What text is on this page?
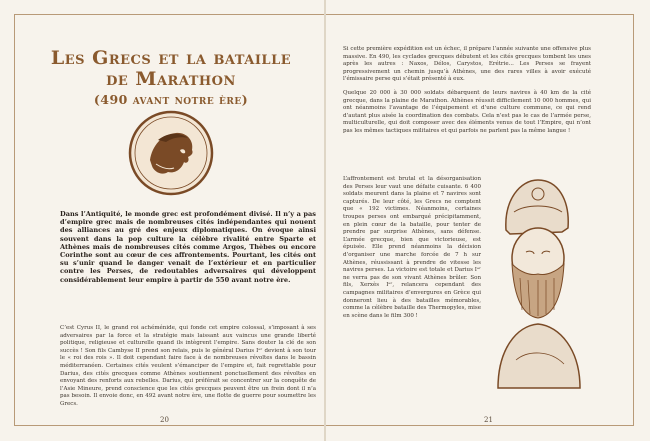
Les Grecs et la bataille de Marathon
(490 avant notre ère)

Dans l’Antiquité, le monde grec est profondément divisé. Il n’y a pas d’empire grec mais de nombreuses cités indépendantes qui nouent des alliances au gré des enjeux diplomatiques. On évoque ainsi souvent dans la pop culture la célèbre rivalité entre Sparte et Athènes mais de nombreuses cités comme Argos, Thèbes ou encore Corinthe sont au cœur de ces affrontements. Pourtant, les cités ont su s’unir quand le danger venait de l’extérieur et en particulier contre les Perses, de redoutables adversaires qui développent considérablement leur empire à partir de 550 avant notre ère.

C’est Cyrus II, le grand roi achéménide, qui fonde cet empire colossal, s’imposant à ses adversaires par la force et la stratégie mais laissant aux vaincus une grande liberté politique, religieuse et culturelle quand ils intègrent l’empire. Sans douter la clé de son succès ! Son fils Cambyse II prend son relais, puis le général Darius Iᵉʳ devient à son tour le « roi des rois ». Il doit cependant faire face à de nombreuses révoltes dans le bassin méditerranéen. Certaines cités veulent s’émanciper de l’empire et, fait regrettable pour Darius, des cités grecques comme Athènes soutiennent ponctuellement des révoltes en envoyant des renforts aux rebelles. Darius, qui préférait se concentrer sur la conquête de l’Asie Mineure, prend conscience que les cités grecques peuvent être un frein dont il n’a pas besoin. Il envoie donc, en 492 avant notre ère, une flotte de guerre pour soumettre les Grecs.

20

Si cette première expédition est un échec, il prépare l’année suivante une offensive plus massive. En 490, les cyclades grecques débutent et les cités grecques tombent les unes après les autres : Naxos, Délos, Carystos, Erétrie... Les Perses se frayent progressivement un chemin jusqu’à Athènes, une des rares villes à avoir exécuté l’émissaire perse qui s’était présenté à eux.

Quelque 20 000 à 30 000 soldats débarquent de leurs navires à 40 km de la cité grecque, dans la plaine de Marathon. Athènes réussit difficilement 10 000 hommes, qui ont néanmoins l’avantage de l’équipement et d’une culture commune, ce qui rend d’autant plus aisée la coordination des combats. Cela n’est pas le cas de l’armée perse, multiculturelle, qui doit composer avec des éléments venus de tout l’Empire, qui n’ont pas les mêmes tactiques militaires et qui parfois ne parlent pas la même langue !

L’affrontement est brutal et la désorganisation des Perses leur vaut une défaite cuisante. 6 400 soldats meurent dans la plaine et 7 navires sont capturés. De leur côté, les Grecs ne comptent que « 192 victimes. Néanmoins, certaines troupes perses ont embarqué précipitamment, en plein cœur de la bataille, pour tenter de prendre par surprise Athènes, sans défense. L’armée grecque, bien que victorieuse, est épuisée. Elle prend néanmoins la décision d’organiser une marche forcée de 7 h sur Athènes, réussissant à prendre de vitesse les navires perses. La victoire est totale et Darius Iᵉʳ ne verra pas de son vivant Athènes brûler. Son fils, Xerxès Iᵉʳ, relancera cependant des campagnes militaires d’envergures en Grèce qui donneront lieu à des batailles mémorables, comme la célèbre bataille des Thermopyles, mise en scène dans le film 300 !

21
